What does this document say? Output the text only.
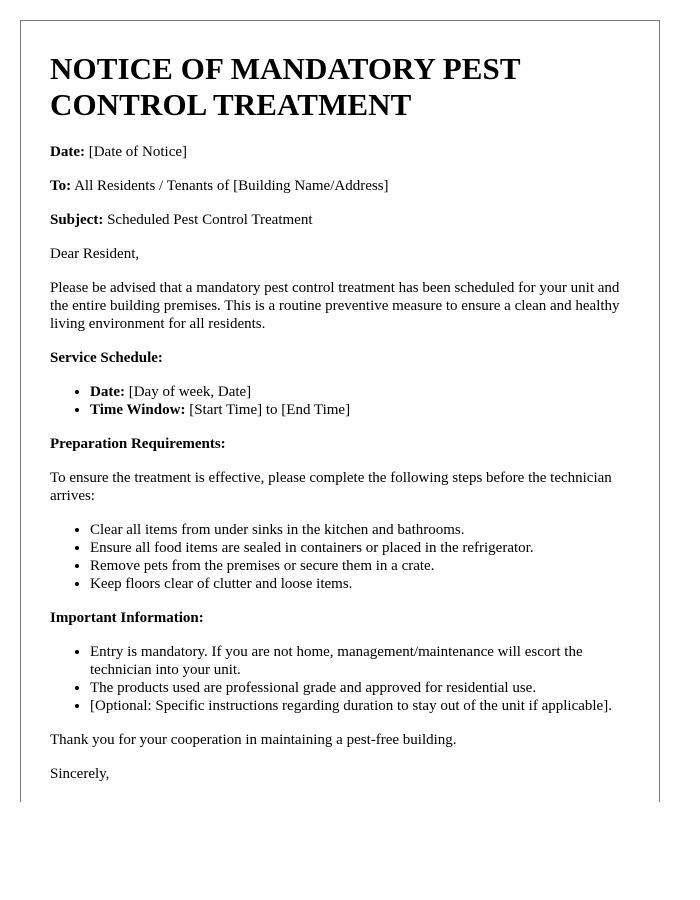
NOTICE OF MANDATORY PEST CONTROL TREATMENT

Date: [Date of Notice]

To: All Residents / Tenants of [Building Name/Address]

Subject: Scheduled Pest Control Treatment

Dear Resident,

Please be advised that a mandatory pest control treatment has been scheduled for your unit and the entire building premises. This is a routine preventive measure to ensure a clean and healthy living environment for all residents.

Service Schedule:
• Date: [Day of week, Date]
• Time Window: [Start Time] to [End Time]
Preparation Requirements:

To ensure the treatment is effective, please complete the following steps before the technician arrives:

• Clear all items from under sinks in the kitchen and bathrooms.
• Ensure all food items are sealed in containers or placed in the refrigerator.
• Remove pets from the premises or secure them in a crate.
• Keep floors clear of clutter and loose items.
Important Information:
• Entry is mandatory. If you are not home, management/maintenance will escort the technician into your unit.
• The products used are professional grade and approved for residential use.
• [Optional: Specific instructions regarding duration to stay out of the unit if applicable].

Thank you for your cooperation in maintaining a pest-free building.

Sincerely,
